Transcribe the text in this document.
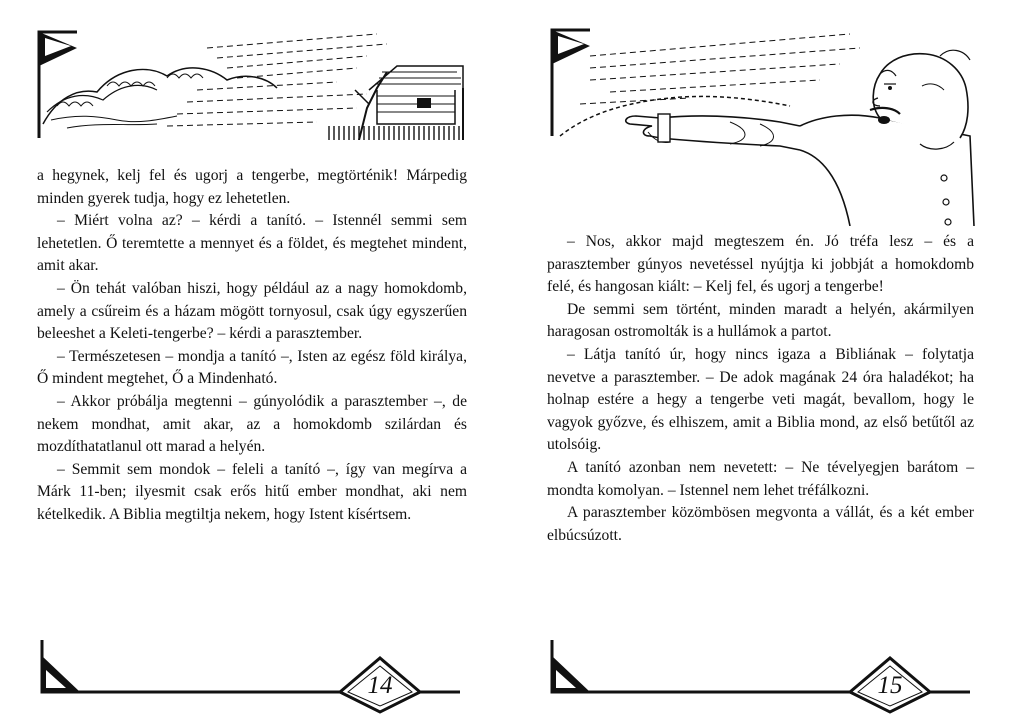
a hegynek, kelj fel és ugorj a tengerbe, megtörténik! Márpedig minden gyerek tudja, hogy ez lehetetlen.

– Miért volna az? – kérdi a tanító. – Istennél semmi sem lehetetlen. Ő teremtette a mennyet és a földet, és megtehet mindent, amit akar.

– Ön tehát valóban hiszi, hogy például az a nagy homokdomb, amely a csűreim és a házam mögött tornyosul, csak úgy egyszerűen beleeshet a Keleti-tengerbe? – kérdi a parasztember.

– Természetesen – mondja a tanító –, Isten az egész föld királya, Ő mindent megtehet, Ő a Mindenható.

– Akkor próbálja megtenni – gúnyolódik a parasztember –, de nekem mondhat, amit akar, az a homokdomb szilárdan és mozdíthatatlanul ott marad a helyén.

– Semmit sem mondok – feleli a tanító –, így van megírva a Márk 11-ben; ilyesmit csak erős hitű ember mondhat, aki nem kételkedik. A Biblia megtiltja nekem, hogy Istent kísértsem.

14

– Nos, akkor majd megteszem én. Jó tréfa lesz – és a parasztember gúnyos nevetéssel nyújtja ki jobbját a homokdomb felé, és hangosan kiált: – Kelj fel, és ugorj a tengerbe!

De semmi sem történt, minden maradt a helyén, akármilyen haragosan ostromolták is a hullámok a partot.

– Látja tanító úr, hogy nincs igaza a Bibliának – folytatja nevetve a parasztember. – De adok magának 24 óra haladékot; ha holnap estére a hegy a tengerbe veti magát, bevallom, hogy le vagyok győzve, és elhiszem, amit a Biblia mond, az első betűtől az utolsóig.

A tanító azonban nem nevetett: – Ne tévelyegjen barátom – mondta komolyan. – Istennel nem lehet tréfálkozni.

A parasztember közömbösen megvonta a vállát, és a két ember elbúcsúzott.

15
